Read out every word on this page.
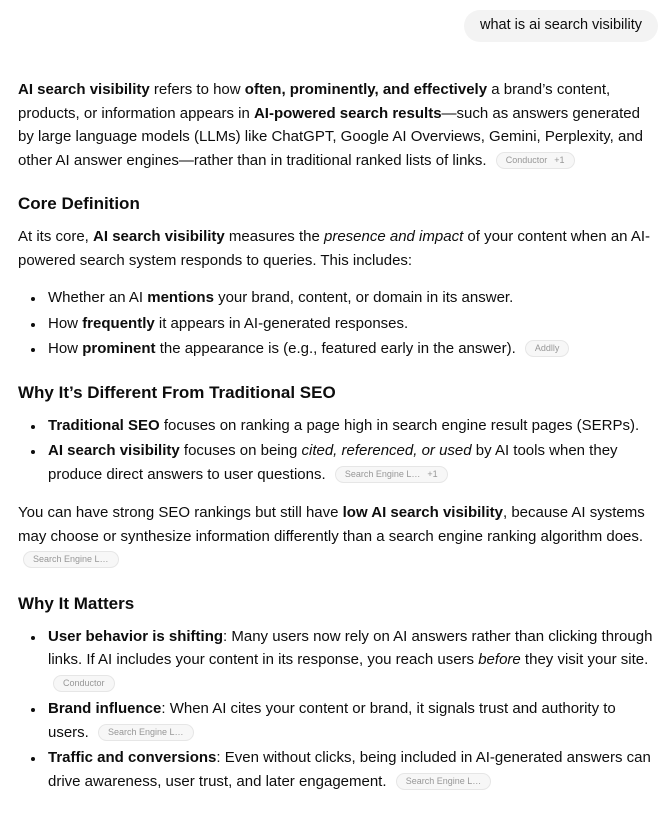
what is ai search visibility

AI search visibility refers to how often, prominently, and effectively a brand’s content, products, or information appears in AI-powered search results—such as answers generated by large language models (LLMs) like ChatGPT, Google AI Overviews, Gemini, Perplexity, and other AI answer engines—rather than in traditional ranked lists of links. Conductor +1

Core Definition

At its core, AI search visibility measures the presence and impact of your content when an AI-powered search system responds to queries. This includes:

• Whether an AI mentions your brand, content, or domain in its answer.
• How frequently it appears in AI-generated responses.
• How prominent the appearance is (e.g., featured early in the answer). Addlly
Why It’s Different From Traditional SEO
• Traditional SEO focuses on ranking a page high in search engine result pages (SERPs).
• AI search visibility focuses on being cited, referenced, or used by AI tools when they produce direct answers to user questions. Search Engine L… +1

You can have strong SEO rankings but still have low AI search visibility, because AI systems may choose or synthesize information differently than a search engine ranking algorithm does. Search Engine L…

Why It Matters
• User behavior is shifting: Many users now rely on AI answers rather than clicking through links. If AI includes your content in its response, you reach users before they visit your site. Conductor
• Brand influence: When AI cites your content or brand, it signals trust and authority to users. Search Engine L…
• Traffic and conversions: Even without clicks, being included in AI-generated answers can drive awareness, user trust, and later engagement. Search Engine L…
